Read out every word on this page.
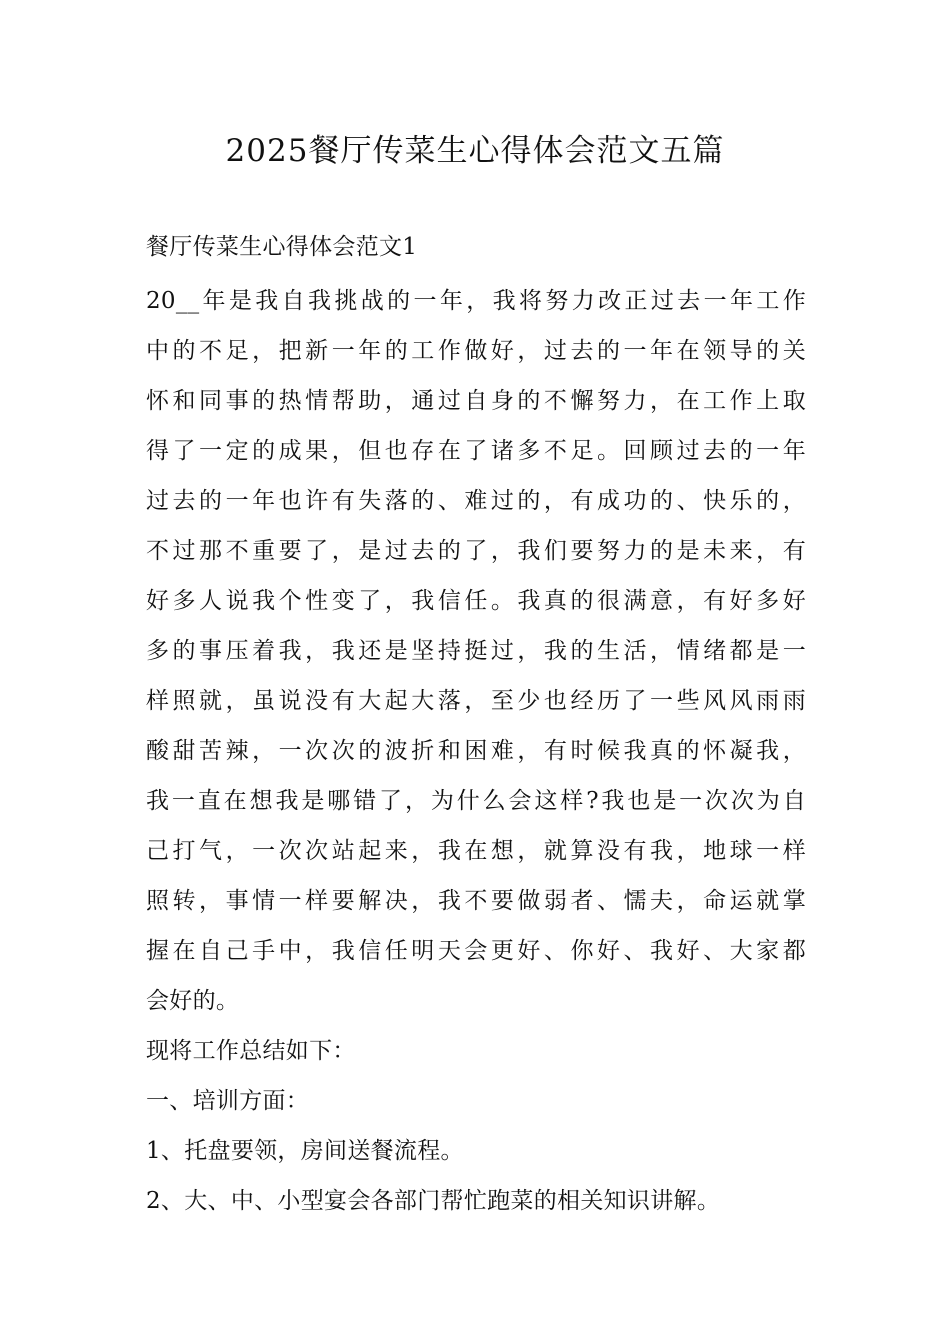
2025餐厅传菜生心得体会范文五篇
餐厅传菜生心得体会范文1
20__年是我自我挑战的一年，我将努力改正过去一年工作
中的不足，把新一年的工作做好，过去的一年在领导的关
怀和同事的热情帮助，通过自身的不懈努力，在工作上取
得了一定的成果，但也存在了诸多不足。回顾过去的一年
过去的一年也许有失落的、难过的，有成功的、快乐的，
不过那不重要了，是过去的了，我们要努力的是未来，有
好多人说我个性变了，我信任。我真的很满意，有好多好
多的事压着我，我还是坚持挺过，我的生活，情绪都是一
样照就，虽说没有大起大落，至少也经历了一些风风雨雨
酸甜苦辣，一次次的波折和困难，有时候我真的怀凝我，
我一直在想我是哪错了，为什么会这样?我也是一次次为自
己打气，一次次站起来，我在想，就算没有我，地球一样
照转，事情一样要解决，我不要做弱者、懦夫，命运就掌
握在自己手中，我信任明天会更好、你好、我好、大家都
会好的。
现将工作总结如下：
一、培训方面：
1、托盘要领，房间送餐流程。
2、大、中、小型宴会各部门帮忙跑菜的相关知识讲解。
